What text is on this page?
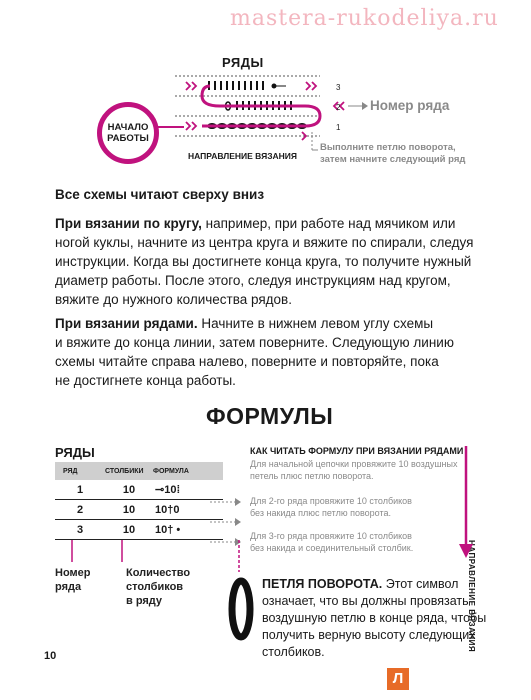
mastera-rukodeliya.ru
РЯДЫ
3
2
1
НАЧАЛО
РАБОТЫ
Номер ряда
НАПРАВЛЕНИЕ ВЯЗАНИЯ
Выполните петлю поворота,
затем начните следующий ряд
Все схемы читают сверху вниз
При вязании по кругу, например, при работе над мячиком или
ногой куклы, начните из центра круга и вяжите по спирали, следуя
инструкции. Когда вы достигнете конца круга, то получите нужный
диаметр работы. После этого, следуя инструкциям над кругом,
вяжите до нужного количества рядов.
При вязании рядами. Начните в нижнем левом углу схемы
и вяжите до конца линии, затем поверните. Следующую линию
схемы читайте справа налево, поверните и повторяйте, пока
не достигнете конца работы.
ФОРМУЛЫ
РЯДЫ
РЯД	СТОЛБИКИ	ФОРМУЛА
1	10	⊸10⁞
2	10	10†0
3	10	10† •
Номер
ряда
Количество
столбиков
в ряду
КАК ЧИТАТЬ ФОРМУЛУ ПРИ ВЯЗАНИИ РЯДАМИ
Для начальной цепочки провяжите 10 воздушных
петель плюс петлю поворота.
Для 2-го ряда провяжите 10 столбиков
без накида плюс петлю поворота.
Для 3-го ряда провяжите 10 столбиков
без накида и соединительный столбик.	НАПРАВЛЕНИЕ ВЯЗАНИЯ
ПЕТЛЯ ПОВОРОТА. Этот символ
означает, что вы должны провязать
воздушную петлю в конце ряда, чтобы
получить верную высоту следующих
столбиков.
10
Л
